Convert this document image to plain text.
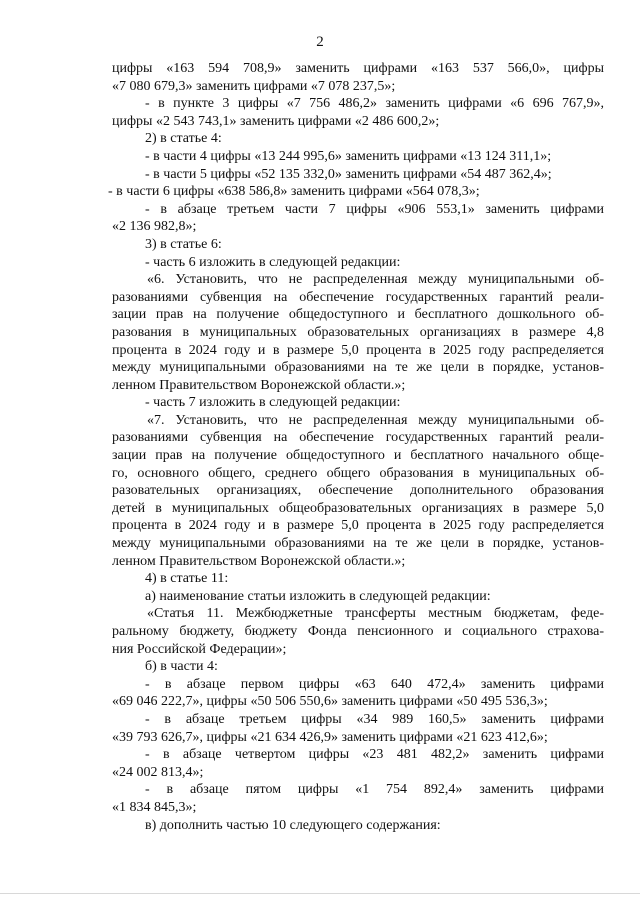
2
цифры «163 594 708,9» заменить цифрами «163 537 566,0», цифры
«7 080 679,3» заменить цифрами «7 078 237,5»;
- в пункте 3 цифры «7 756 486,2» заменить цифрами «6 696 767,9»,
цифры «2 543 743,1» заменить цифрами «2 486 600,2»;
2) в статье 4:
- в части 4 цифры «13 244 995,6» заменить цифрами «13 124 311,1»;
- в части 5 цифры «52 135 332,0» заменить цифрами «54 487 362,4»;
- в части 6 цифры «638 586,8» заменить цифрами «564 078,3»;
- в абзаце третьем части 7 цифры «906 553,1» заменить цифрами
«2 136 982,8»;
3) в статье 6:
- часть 6 изложить в следующей редакции:
«6. Установить, что не распределенная между муниципальными об-
разованиями субвенция на обеспечение государственных гарантий реали-
зации прав на получение общедоступного и бесплатного дошкольного об-
разования в муниципальных образовательных организациях в размере 4,8
процента в 2024 году и в размере 5,0 процента в 2025 году распределяется
между муниципальными образованиями на те же цели в порядке, установ-
ленном Правительством Воронежской области.»;
- часть 7 изложить в следующей редакции:
«7. Установить, что не распределенная между муниципальными об-
разованиями субвенция на обеспечение государственных гарантий реали-
зации прав на получение общедоступного и бесплатного начального обще-
го, основного общего, среднего общего образования в муниципальных об-
разовательных организациях, обеспечение дополнительного образования
детей в муниципальных общеобразовательных организациях в размере 5,0
процента в 2024 году и в размере 5,0 процента в 2025 году распределяется
между муниципальными образованиями на те же цели в порядке, установ-
ленном Правительством Воронежской области.»;
4) в статье 11:
а) наименование статьи изложить в следующей редакции:
«Статья 11. Межбюджетные трансферты местным бюджетам, феде-
ральному бюджету, бюджету Фонда пенсионного и социального страхова-
ния Российской Федерации»;
б) в части 4:
- в абзаце первом цифры «63 640 472,4» заменить цифрами
«69 046 222,7», цифры «50 506 550,6» заменить цифрами «50 495 536,3»;
- в абзаце третьем цифры «34 989 160,5» заменить цифрами
«39 793 626,7», цифры «21 634 426,9» заменить цифрами «21 623 412,6»;
- в абзаце четвертом цифры «23 481 482,2» заменить цифрами
«24 002 813,4»;
- в абзаце пятом цифры «1 754 892,4» заменить цифрами
«1 834 845,3»;
в) дополнить частью 10 следующего содержания:
